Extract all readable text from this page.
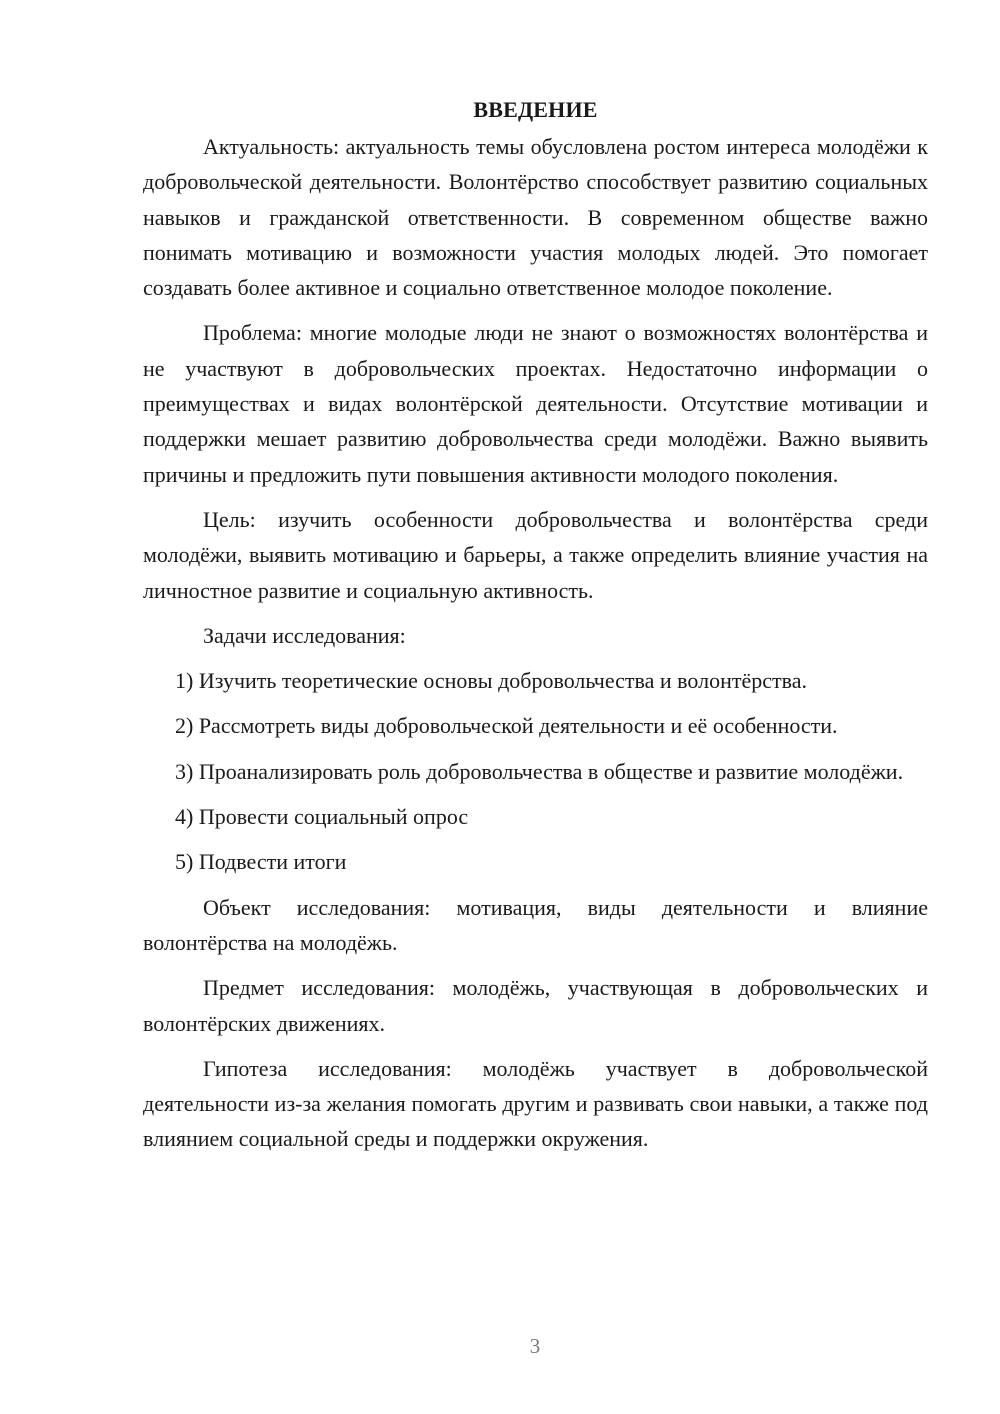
ВВЕДЕНИЕ

Актуальность: актуальность темы обусловлена ростом интереса молодёжи к добровольческой деятельности. Волонтёрство способствует развитию социальных навыков и гражданской ответственности. В современном обществе важно понимать мотивацию и возможности участия молодых людей. Это помогает создавать более активное и социально ответственное молодое поколение.

Проблема: многие молодые люди не знают о возможностях волонтёрства и не участвуют в добровольческих проектах. Недостаточно информации о преимуществах и видах волонтёрской деятельности. Отсутствие мотивации и поддержки мешает развитию добровольчества среди молодёжи. Важно выявить причины и предложить пути повышения активности молодого поколения.

Цель: изучить особенности добровольчества и волонтёрства среди молодёжи, выявить мотивацию и барьеры, а также определить влияние участия на личностное развитие и социальную активность.

Задачи исследования:

1) Изучить теоретические основы добровольчества и волонтёрства.

2) Рассмотреть виды добровольческой деятельности и её особенности.

3) Проанализировать роль добровольчества в обществе и развитие молодёжи.

4) Провести социальный опрос

5) Подвести итоги

Объект исследования: мотивация, виды деятельности и влияние волонтёрства на молодёжь.

Предмет исследования: молодёжь, участвующая в добровольческих и волонтёрских движениях.

Гипотеза исследования: молодёжь участвует в добровольческой деятельности из-за желания помогать другим и развивать свои навыки, а также под влиянием социальной среды и поддержки окружения.

3
